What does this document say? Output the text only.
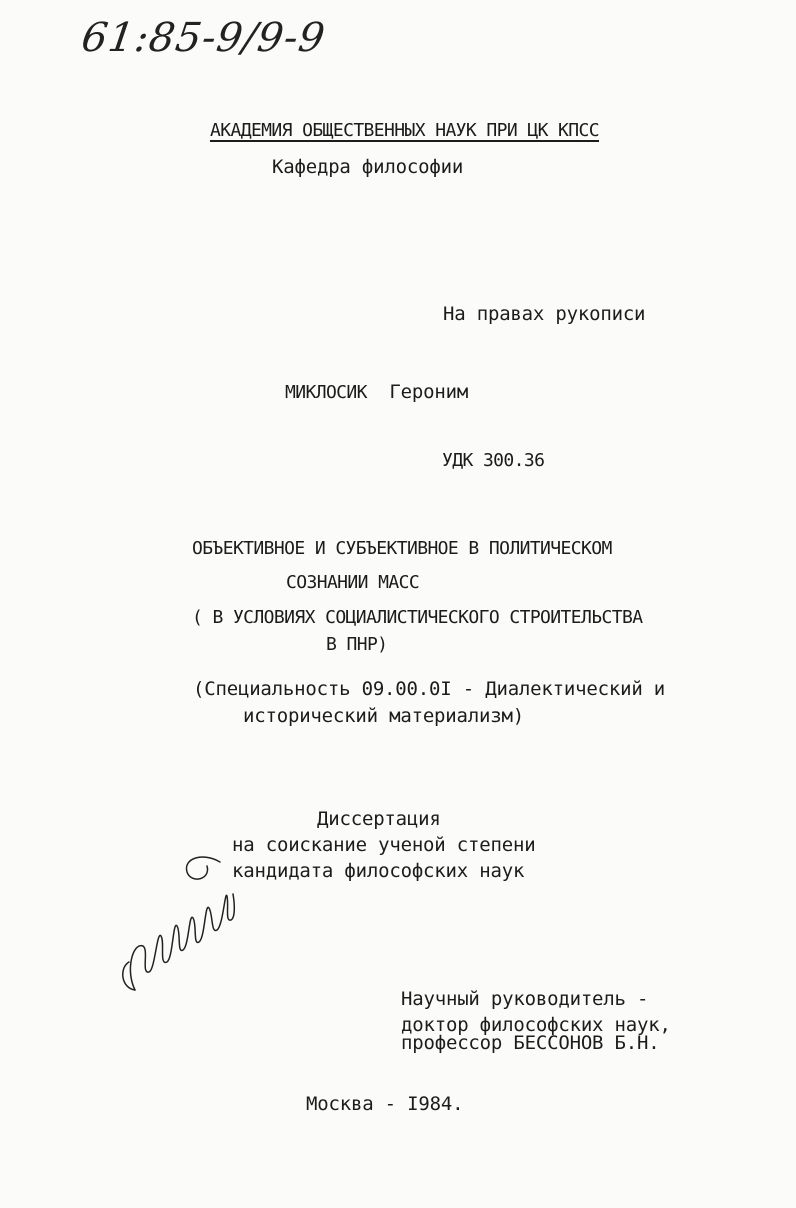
61:85-9/9-9
АКАДЕМИЯ ОБЩЕСТВЕННЫХ НАУК ПРИ ЦК КПСС
Кафедра философии
На правах рукописи
МИКЛОСИК Героним
УДК 300.36
ОБЪЕКТИВНОЕ И СУБЪЕКТИВНОЕ В ПОЛИТИЧЕСКОМ
СОЗНАНИИ МАСС
( В УСЛОВИЯХ СОЦИАЛИСТИЧЕСКОГО СТРОИТЕЛЬСТВА
В ПНР)
(Специальность 09.00.0I - Диалектический и
исторический материализм)
Диссертация
на соискание ученой степени
кандидата философских наук
Научный руководитель -
доктор философских наук,
профессор БЕССОНОВ Б.Н.
Москва - I984.
